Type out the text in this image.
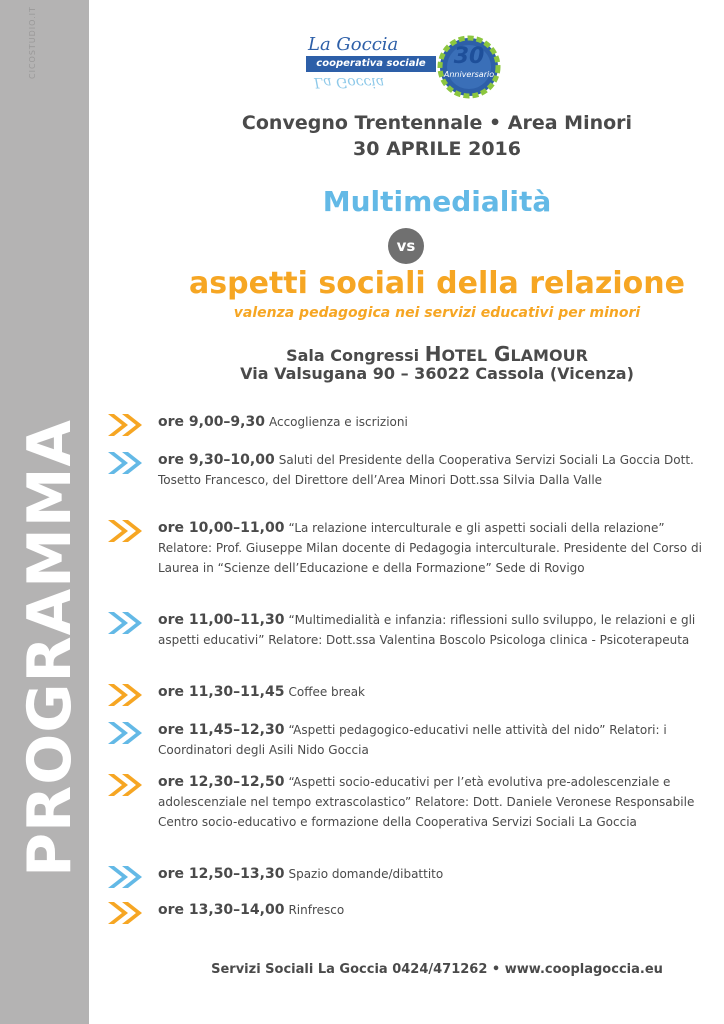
CICOSTUDIO.IT
PROGRAMMA
La Goccia
cooperativa sociale
La Goccia
30
Anniversario
Convegno Trentennale • Area Minori
30 APRILE 2016
Multimedialità
vs
aspetti sociali della relazione
valenza pedagogica nei servizi educativi per minori
Sala Congressi HOTEL GLAMOUR
Via Valsugana 90 – 36022 Cassola (Vicenza)
ore 9,00–9,30 Accoglienza e iscrizioni
ore 9,30–10,00 Saluti del Presidente della Cooperativa Servizi Sociali La Goccia Dott. Tosetto Francesco, del Direttore dell’Area Minori Dott.ssa Silvia Dalla Valle
ore 10,00–11,00 “La relazione interculturale e gli aspetti sociali della relazione” Relatore: Prof. Giuseppe Milan docente di Pedagogia interculturale. Presidente del Corso di Laurea in “Scienze dell’Educazione e della Formazione” Sede di Rovigo
ore 11,00–11,30 “Multimedialità e infanzia: riflessioni sullo sviluppo, le relazioni e gli aspetti educativi” Relatore: Dott.ssa Valentina Boscolo Psicologa clinica - Psicoterapeuta
ore 11,30–11,45 Coffee break
ore 11,45–12,30 “Aspetti pedagogico-educativi nelle attività del nido” Relatori: i Coordinatori degli Asili Nido Goccia
ore 12,30–12,50 “Aspetti socio-educativi per l’età evolutiva pre-adolescenziale e adolescenziale nel tempo extrascolastico” Relatore: Dott. Daniele Veronese Responsabile Centro socio-educativo e formazione della Cooperativa Servizi Sociali La Goccia
ore 12,50–13,30 Spazio domande/dibattito
ore 13,30–14,00 Rinfresco
Servizi Sociali La Goccia 0424/471262 • www.cooplagoccia.eu
